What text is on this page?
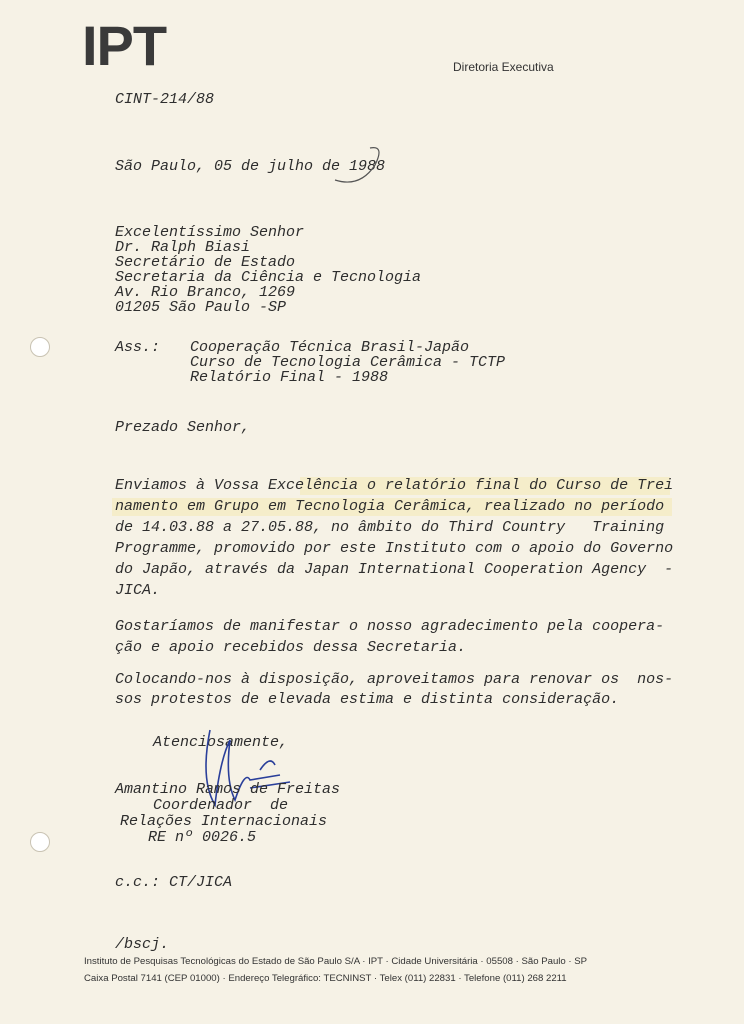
IPT	Diretoria Executiva
CINT-214/88
São Paulo, 05 de julho de 1988
Excelentíssimo Senhor
Dr. Ralph Biasi
Secretário de Estado
Secretaria da Ciência e Tecnologia
Av. Rio Branco, 1269
01205 São Paulo -SP
Ass.: Cooperação Técnica Brasil-Japão
Curso de Tecnologia Cerâmica - TCTP
Relatório Final - 1988
Prezado Senhor,
Enviamos à Vossa Excelência o relatório final do Curso de Trei
namento em Grupo em Tecnologia Cerâmica, realizado no período
de 14.03.88 a 27.05.88, no âmbito do Third Country   Training
Programme, promovido por este Instituto com o apoio do Governo
do Japão, através da Japan International Cooperation Agency  -
JICA.
Gostaríamos de manifestar o nosso agradecimento pela coopera-
ção e apoio recebidos dessa Secretaria.
Colocando-nos à disposição, aproveitamos para renovar os  nos-
sos protestos de elevada estima e distinta consideração.
Atenciosamente,
Amantino Ramos de Freitas
Coordenador  de
Relações Internacionais
RE nº 0026.5
c.c.: CT/JICA
/bscj.
Instituto de Pesquisas Tecnológicas do Estado de São Paulo S/A · IPT · Cidade Universitária · 05508 · São Paulo · SP
Caixa Postal 7141 (CEP 01000) · Endereço Telegráfico: TECNINST · Telex (011) 22831 · Telefone (011) 268 2211
